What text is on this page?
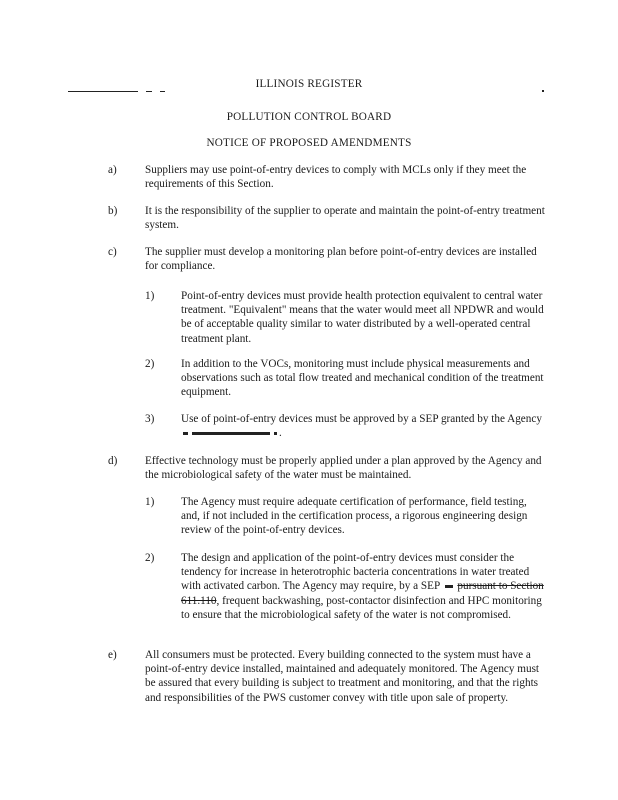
ILLINOIS REGISTER
POLLUTION CONTROL BOARD
NOTICE OF PROPOSED AMENDMENTS
a)	Suppliers may use point-of-entry devices to comply with MCLs only if they meet the requirements of this Section.
b) It is the responsibility of the supplier to operate and maintain the point-of-entry treatment system.
c)	The supplier must develop a monitoring plan before point-of-entry devices are installed for compliance.
1) Point-of-entry devices must provide health protection equivalent to central water treatment. "Equivalent" means that the water would meet all NPDWR and would be of acceptable quality similar to water distributed by a well-operated central treatment plant.
2) In addition to the VOCs, monitoring must include physical measurements and observations such as total flow treated and mechanical condition of the treatment equipment.
3) Use of point-of-entry devices must be approved by a SEP granted by the Agency .
d) Effective technology must be properly applied under a plan approved by the Agency and the microbiological safety of the water must be maintained.
1) The Agency must require adequate certification of performance, field testing, and, if not included in the certification process, a rigorous engineering design review of the point-of-entry devices.
2) The design and application of the point-of-entry devices must consider the tendency for increase in heterotrophic bacteria concentrations in water treated with activated carbon. The Agency may require, by a SEP pursuant to Section 611.110, frequent backwashing, post-contactor disinfection and HPC monitoring to ensure that the microbiological safety of the water is not compromised.
e)	All consumers must be protected. Every building connected to the system must have a point-of-entry device installed, maintained and adequately monitored. The Agency must be assured that every building is subject to treatment and monitoring, and that the rights and responsibilities of the PWS customer convey with title upon sale of property.
